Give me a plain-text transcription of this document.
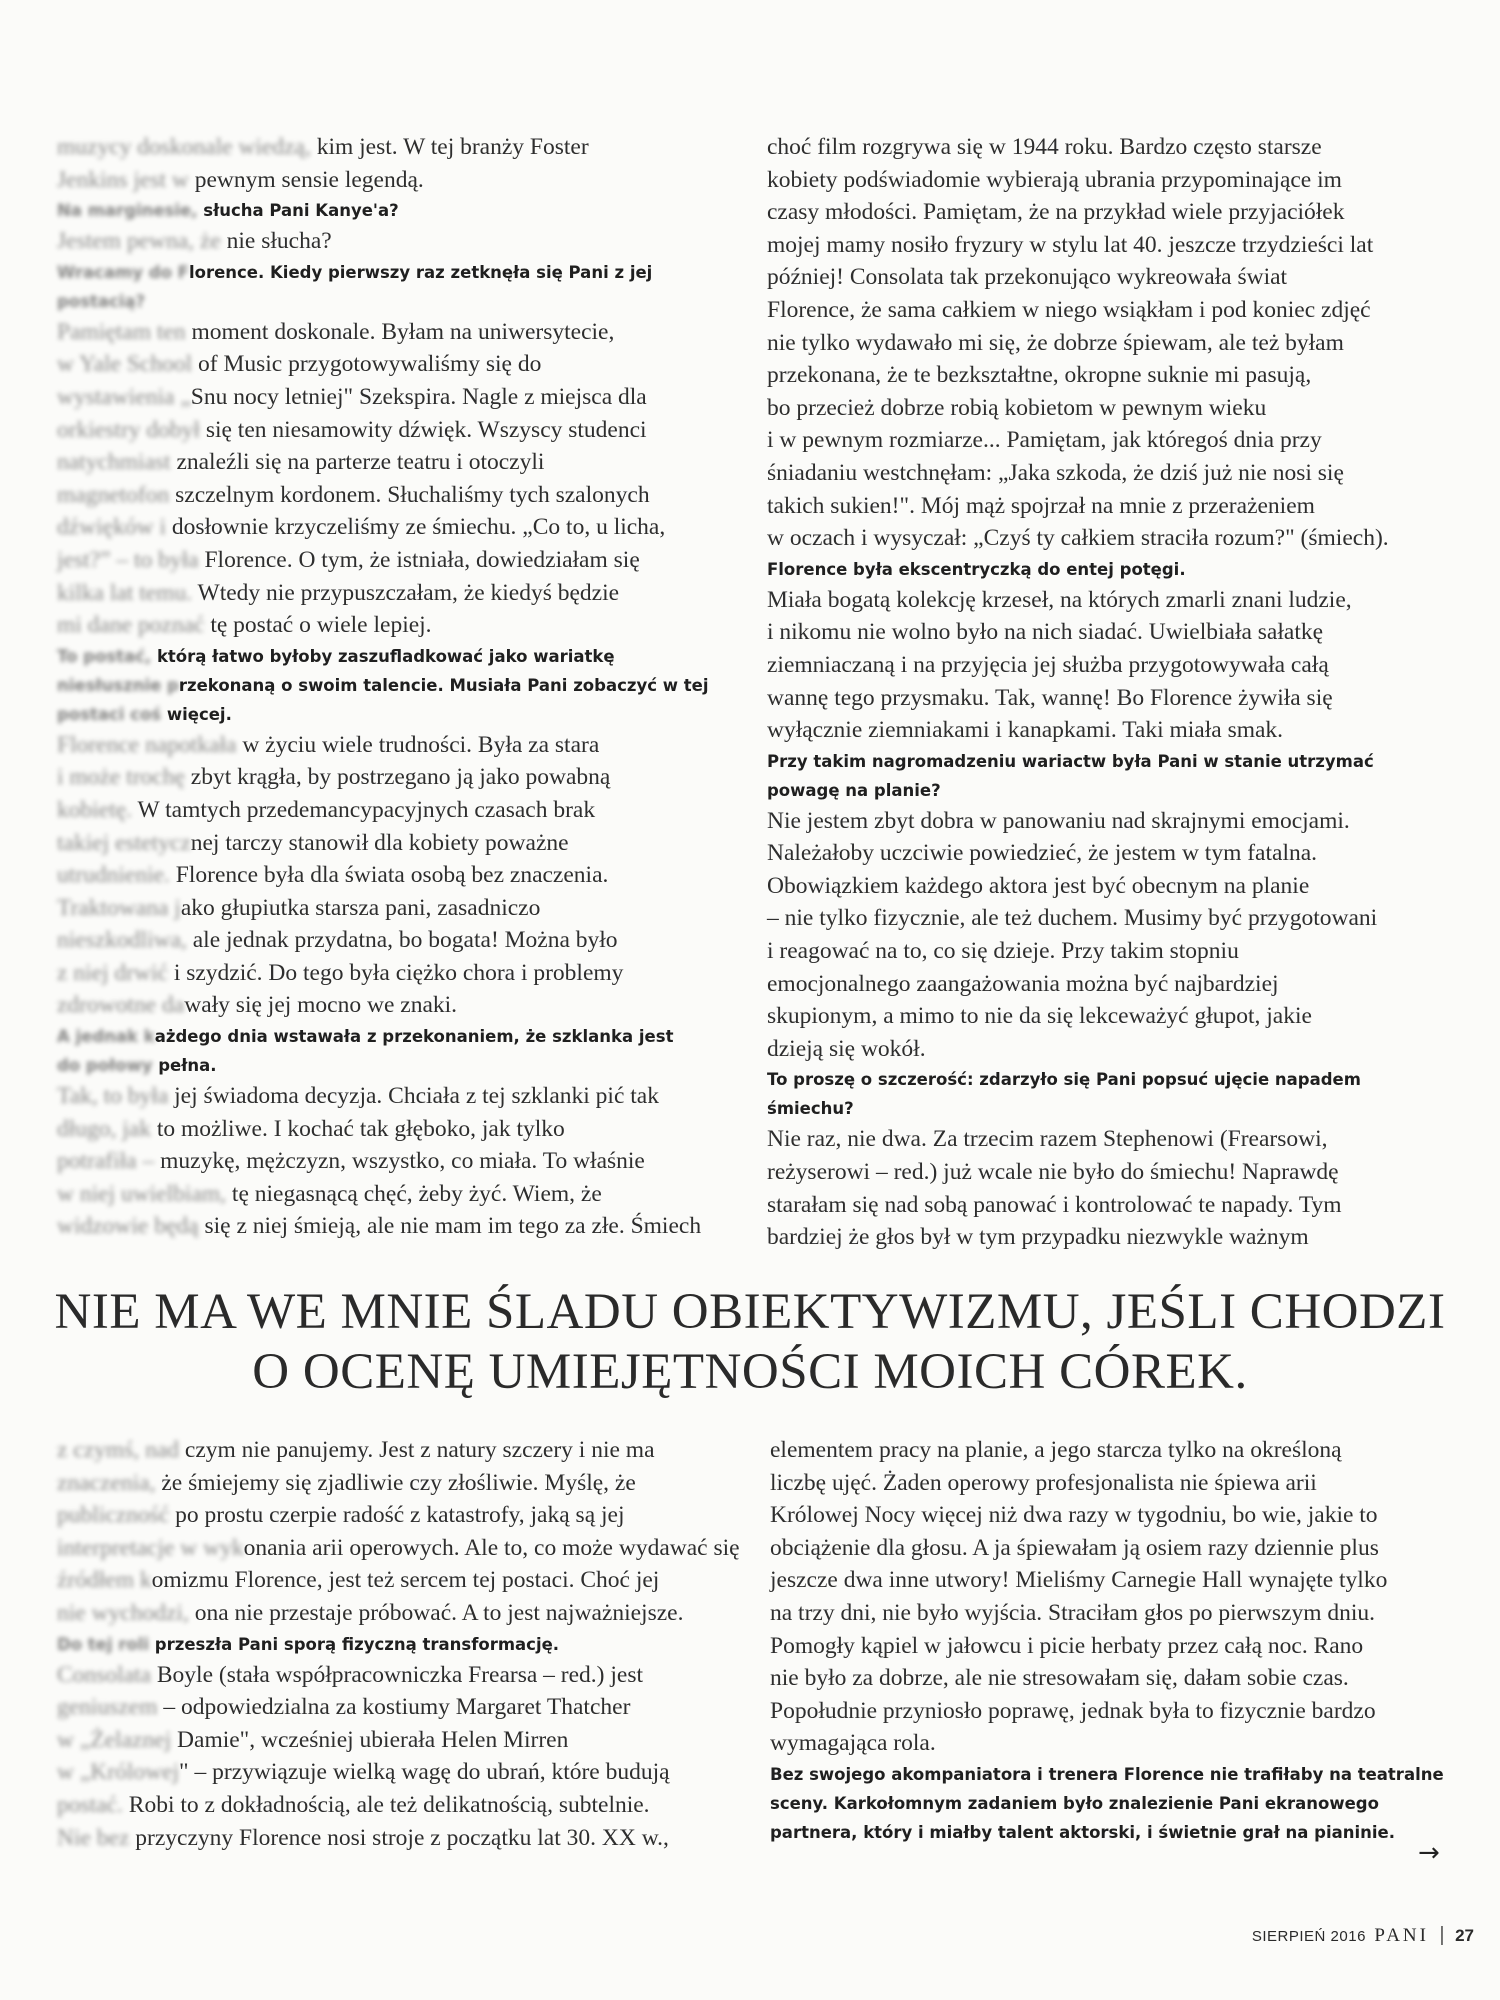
muzycy doskonale wiedzą, kim jest. W tej branży Foster

Jenkins jest w pewnym sensie legendą.

Na marginesie, słucha Pani Kanye'a?

Jestem pewna, że nie słucha?

Wracamy do Florence. Kiedy pierwszy raz zetknęła się Pani z jej

postacią?

Pamiętam ten moment doskonale. Byłam na uniwersytecie,

w Yale School of Music przygotowywaliśmy się do

wystawienia „Snu nocy letniej" Szekspira. Nagle z miejsca dla

orkiestry dobył się ten niesamowity dźwięk. Wszyscy studenci

natychmiast znaleźli się na parterze teatru i otoczyli

magnetofon szczelnym kordonem. Słuchaliśmy tych szalonych

dźwięków i dosłownie krzyczeliśmy ze śmiechu. „Co to, u licha,

jest?” – to była Florence. O tym, że istniała, dowiedziałam się

kilka lat temu. Wtedy nie przypuszczałam, że kiedyś będzie

mi dane poznać tę postać o wiele lepiej.

To postać, którą łatwo byłoby zaszufladkować jako wariatkę

niesłusznie przekonaną o swoim talencie. Musiała Pani zobaczyć w tej

postaci coś więcej.

Florence napotkała w życiu wiele trudności. Była za stara

i może trochę zbyt krągła, by postrzegano ją jako powabną

kobietę. W tamtych przedemancypacyjnych czasach brak

takiej estetycznej tarczy stanowił dla kobiety poważne

utrudnienie. Florence była dla świata osobą bez znaczenia.

Traktowana jako głupiutka starsza pani, zasadniczo

nieszkodliwa, ale jednak przydatna, bo bogata! Można było

z niej drwić i szydzić. Do tego była ciężko chora i problemy

zdrowotne dawały się jej mocno we znaki.

A jednak każdego dnia wstawała z przekonaniem, że szklanka jest

do połowy pełna.

Tak, to była jej świadoma decyzja. Chciała z tej szklanki pić tak

długo, jak to możliwe. I kochać tak głęboko, jak tylko

potrafiła – muzykę, mężczyzn, wszystko, co miała. To właśnie

w niej uwielbiam, tę niegasnącą chęć, żeby żyć. Wiem, że

widzowie będą się z niej śmieją, ale nie mam im tego za złe. Śmiech

choć film rozgrywa się w 1944 roku. Bardzo często starsze

kobiety podświadomie wybierają ubrania przypominające im

czasy młodości. Pamiętam, że na przykład wiele przyjaciółek

mojej mamy nosiło fryzury w stylu lat 40. jeszcze trzydzieści lat

później! Consolata tak przekonująco wykreowała świat

Florence, że sama całkiem w niego wsiąkłam i pod koniec zdjęć

nie tylko wydawało mi się, że dobrze śpiewam, ale też byłam

przekonana, że te bezkształtne, okropne suknie mi pasują,

bo przecież dobrze robią kobietom w pewnym wieku

i w pewnym rozmiarze... Pamiętam, jak któregoś dnia przy

śniadaniu westchnęłam: „Jaka szkoda, że dziś już nie nosi się

takich sukien!". Mój mąż spojrzał na mnie z przerażeniem

w oczach i wysyczał: „Czyś ty całkiem straciła rozum?" (śmiech).

Florence była ekscentryczką do entej potęgi.

Miała bogatą kolekcję krzeseł, na których zmarli znani ludzie,

i nikomu nie wolno było na nich siadać. Uwielbiała sałatkę

ziemniaczaną i na przyjęcia jej służba przygotowywała całą

wannę tego przysmaku. Tak, wannę! Bo Florence żywiła się

wyłącznie ziemniakami i kanapkami. Taki miała smak.

Przy takim nagromadzeniu wariactw była Pani w stanie utrzymać

powagę na planie?

Nie jestem zbyt dobra w panowaniu nad skrajnymi emocjami.

Należałoby uczciwie powiedzieć, że jestem w tym fatalna.

Obowiązkiem każdego aktora jest być obecnym na planie

– nie tylko fizycznie, ale też duchem. Musimy być przygotowani

i reagować na to, co się dzieje. Przy takim stopniu

emocjonalnego zaangażowania można być najbardziej

skupionym, a mimo to nie da się lekceważyć głupot, jakie

dzieją się wokół.

To proszę o szczerość: zdarzyło się Pani popsuć ujęcie napadem

śmiechu?

Nie raz, nie dwa. Za trzecim razem Stephenowi (Frearsowi,

reżyserowi – red.) już wcale nie było do śmiechu! Naprawdę

starałam się nad sobą panować i kontrolować te napady. Tym

bardziej że głos był w tym przypadku niezwykle ważnym

NIE MA WE MNIE ŚLADU OBIEKTYWIZMU, JEŚLI CHODZI

O OCENĘ UMIEJĘTNOŚCI MOICH CÓREK.

z czymś, nad czym nie panujemy. Jest z natury szczery i nie ma

znaczenia, że śmiejemy się zjadliwie czy złośliwie. Myślę, że

publiczność po prostu czerpie radość z katastrofy, jaką są jej

interpretacje w wykonania arii operowych. Ale to, co może wydawać się

źródłem komizmu Florence, jest też sercem tej postaci. Choć jej

nie wychodzi, ona nie przestaje próbować. A to jest najważniejsze.

Do tej roli przeszła Pani sporą fizyczną transformację.

Consolata Boyle (stała współpracowniczka Frearsa – red.) jest

geniuszem – odpowiedzialna za kostiumy Margaret Thatcher

w „Żelaznej Damie", wcześniej ubierała Helen Mirren

w „Królowej" – przywiązuje wielką wagę do ubrań, które budują

postać. Robi to z dokładnością, ale też delikatnością, subtelnie.

Nie bez przyczyny Florence nosi stroje z początku lat 30. XX w.,

elementem pracy na planie, a jego starcza tylko na określoną

liczbę ujęć. Żaden operowy profesjonalista nie śpiewa arii

Królowej Nocy więcej niż dwa razy w tygodniu, bo wie, jakie to

obciążenie dla głosu. A ja śpiewałam ją osiem razy dziennie plus

jeszcze dwa inne utwory! Mieliśmy Carnegie Hall wynajęte tylko

na trzy dni, nie było wyjścia. Straciłam głos po pierwszym dniu.

Pomogły kąpiel w jałowcu i picie herbaty przez całą noc. Rano

nie było za dobrze, ale nie stresowałam się, dałam sobie czas.

Popołudnie przyniosło poprawę, jednak była to fizycznie bardzo

wymagająca rola.

Bez swojego akompaniatora i trenera Florence nie trafiłaby na teatralne

sceny. Karkołomnym zadaniem było znalezienie Pani ekranowego

partnera, który i miałby talent aktorski, i świetnie grał na pianinie.

→
SIERPIEŃ 2016 PANI | 27
